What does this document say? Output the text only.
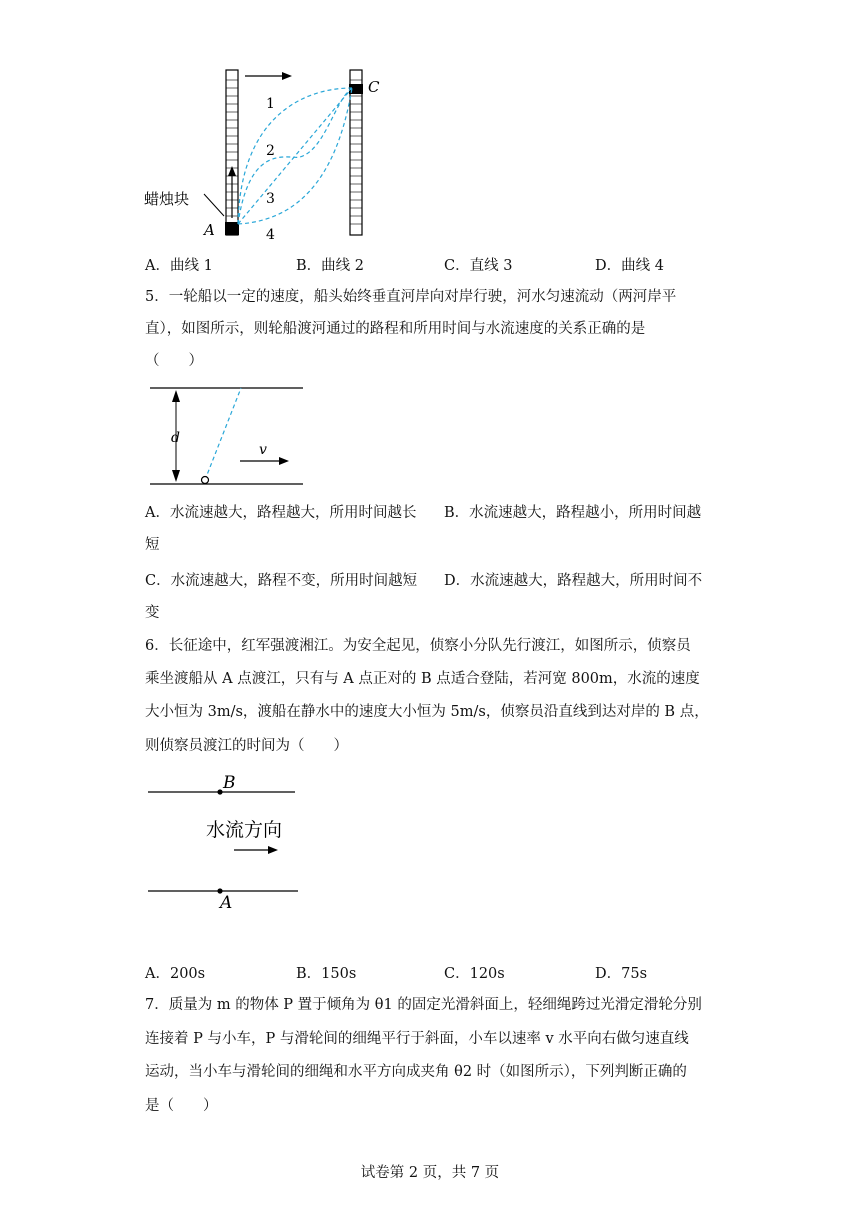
1
2
3
4
A
C
蜡烛块
A．曲线 1	B．曲线 2	C．直线 3	D．曲线 4
5．一轮船以一定的速度，船头始终垂直河岸向对岸行驶，河水匀速流动（两河岸平
直），如图所示，则轮船渡河通过的路程和所用时间与水流速度的关系正确的是
（　　）
d
v
A．水流速越大，路程越大，所用时间越长 B．水流速越大，路程越小，所用时间越
短
C．水流速越大，路程不变，所用时间越短 D．水流速越大，路程越大，所用时间不
变
6．长征途中，红军强渡湘江。为安全起见，侦察小分队先行渡江，如图所示，侦察员
乘坐渡船从 A 点渡江，只有与 A 点正对的 B 点适合登陆，若河宽 800m，水流的速度
大小恒为 3m/s，渡船在静水中的速度大小恒为 5m/s，侦察员沿直线到达对岸的 B 点，
则侦察员渡江的时间为（　　）
B
A
水流方向
A．200s	B．150s	C．120s	D．75s
7．质量为 m 的物体 P 置于倾角为 θ1 的固定光滑斜面上，轻细绳跨过光滑定滑轮分别
连接着 P 与小车，P 与滑轮间的细绳平行于斜面，小车以速率 v 水平向右做匀速直线
运动，当小车与滑轮间的细绳和水平方向成夹角 θ2 时（如图所示），下列判断正确的
是（　　）
试卷第 2 页，共 7 页
